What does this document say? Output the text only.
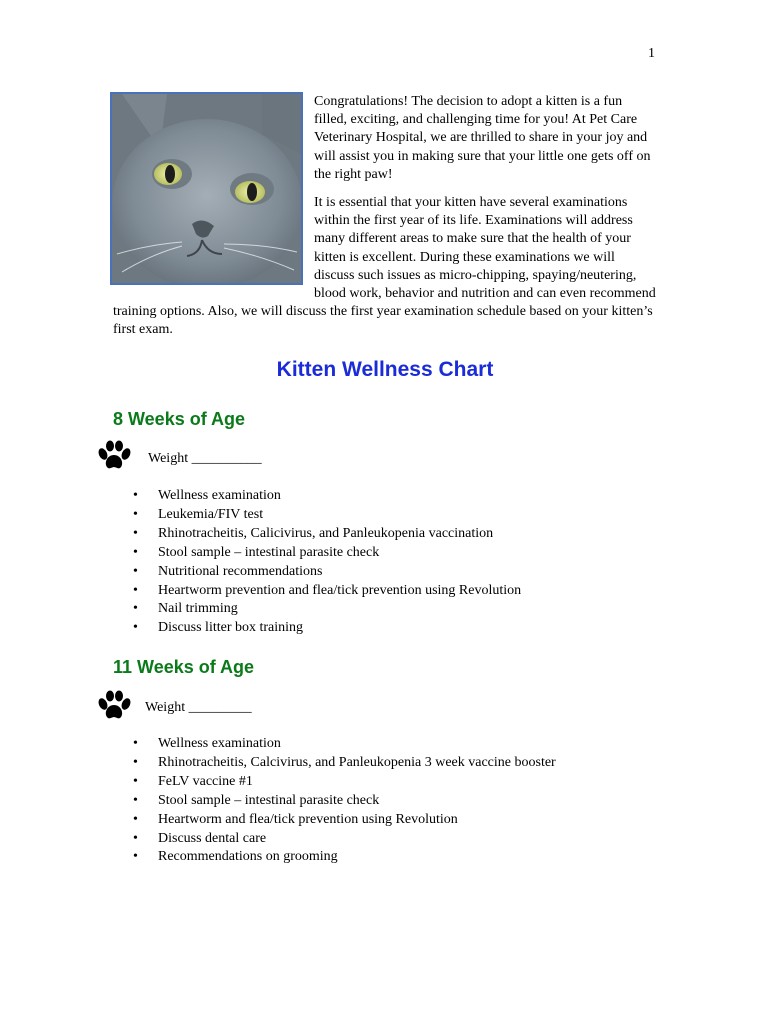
1

Congratulations! The decision to adopt a kitten is a fun filled, exciting, and challenging time for you! At Pet Care Veterinary Hospital, we are thrilled to share in your joy and will assist you in making sure that your little one gets off on the right paw!

It is essential that your kitten have several examinations within the first year of its life. Examinations will address many different areas to make sure that the health of your kitten is excellent. During these examinations we will discuss such issues as micro-chipping, spaying/neutering, blood work, behavior and nutrition and can even recommend training options. Also, we will discuss the first year examination schedule based on your kitten’s first exam.

Kitten Wellness Chart
8 Weeks of Age
Weight __________
• Wellness examination
• Leukemia/FIV test
• Rhinotracheitis, Calicivirus, and Panleukopenia vaccination
• Stool sample – intestinal parasite check
• Nutritional recommendations
• Heartworm prevention and flea/tick prevention using Revolution
• Nail trimming
• Discuss litter box training
11 Weeks of Age
Weight _________
• Wellness examination
• Rhinotracheitis, Calcivirus, and Panleukopenia 3 week vaccine booster
• FeLV vaccine #1
• Stool sample – intestinal parasite check
• Heartworm and flea/tick prevention using Revolution
• Discuss dental care
• Recommendations on grooming
